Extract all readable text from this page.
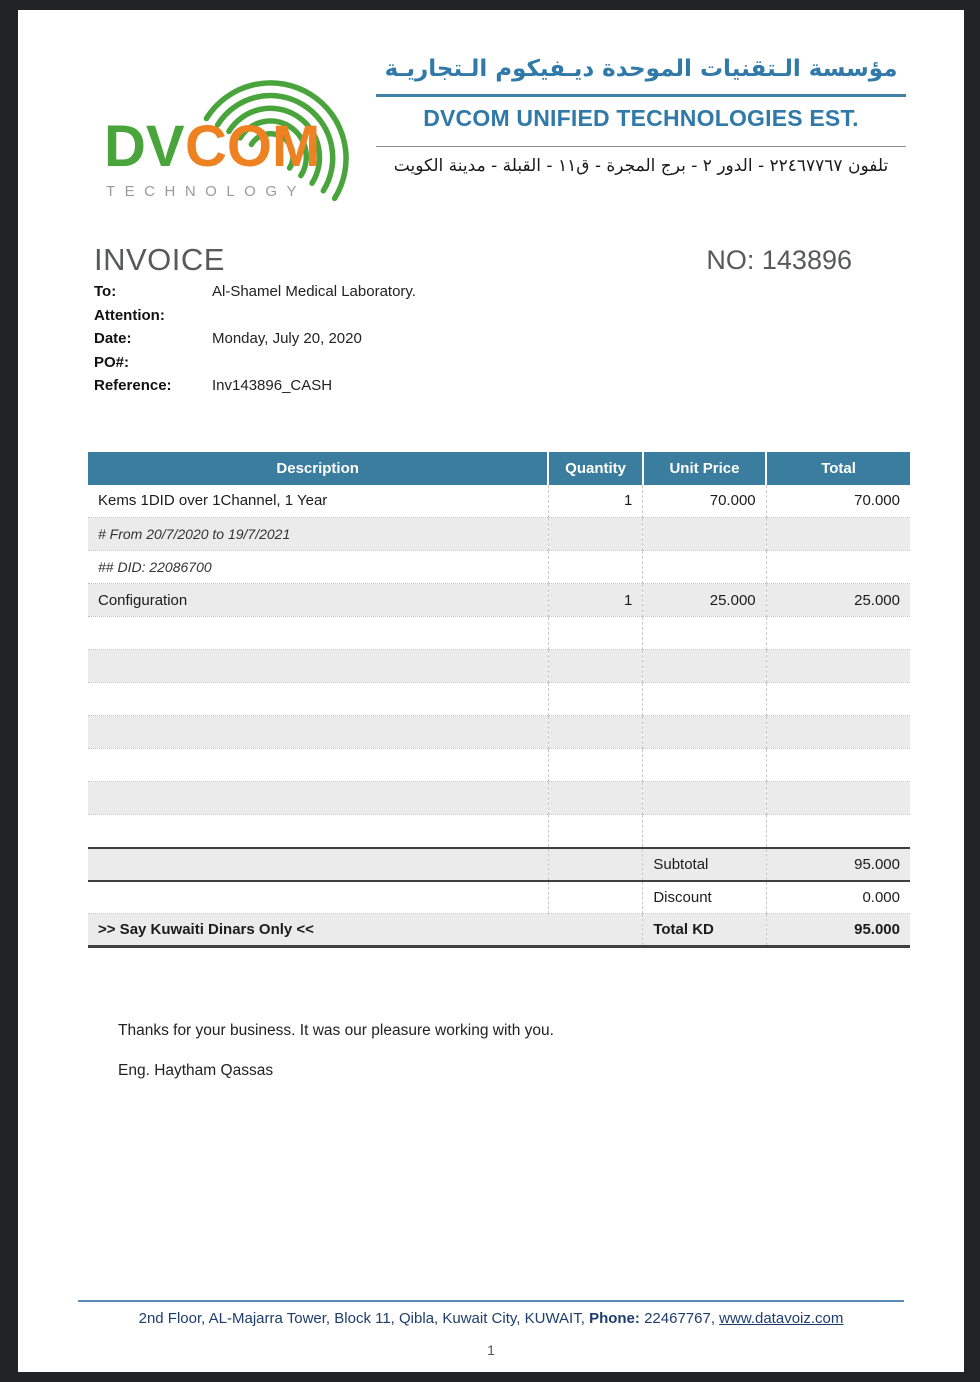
DV COM
TECHNOLOGY
مؤسسة الـتقنيات الموحدة ديـفيكوم الـتجاريـة
DVCOM UNIFIED TECHNOLOGIES EST.
تلفون ٢٢٤٦٧٧٦٧ - الدور ٢ - برج المجرة - ق١١ - القبلة - مدينة الكويت
INVOICE	NO: 143896
To:	Al-Shamel Medical Laboratory.
Attention:
Date:	Monday, July 20, 2020
PO#:
Reference:	Inv143896_CASH
Description	Quantity	Unit Price	Total
Kems 1DID over 1Channel, 1 Year	1	70.000	70.000
# From 20/7/2020 to 19/7/2021			
## DID: 22086700			
Configuration	1	25.000	25.000

		Subtotal	95.000
		Discount	0.000
>> Say Kuwaiti Dinars Only <<		Total KD	95.000
Thanks for your business. It was our pleasure working with you.
Eng. Haytham Qassas
2nd Floor, AL-Majarra Tower, Block 11, Qibla, Kuwait City, KUWAIT, Phone: 22467767, www.datavoiz.com
1
